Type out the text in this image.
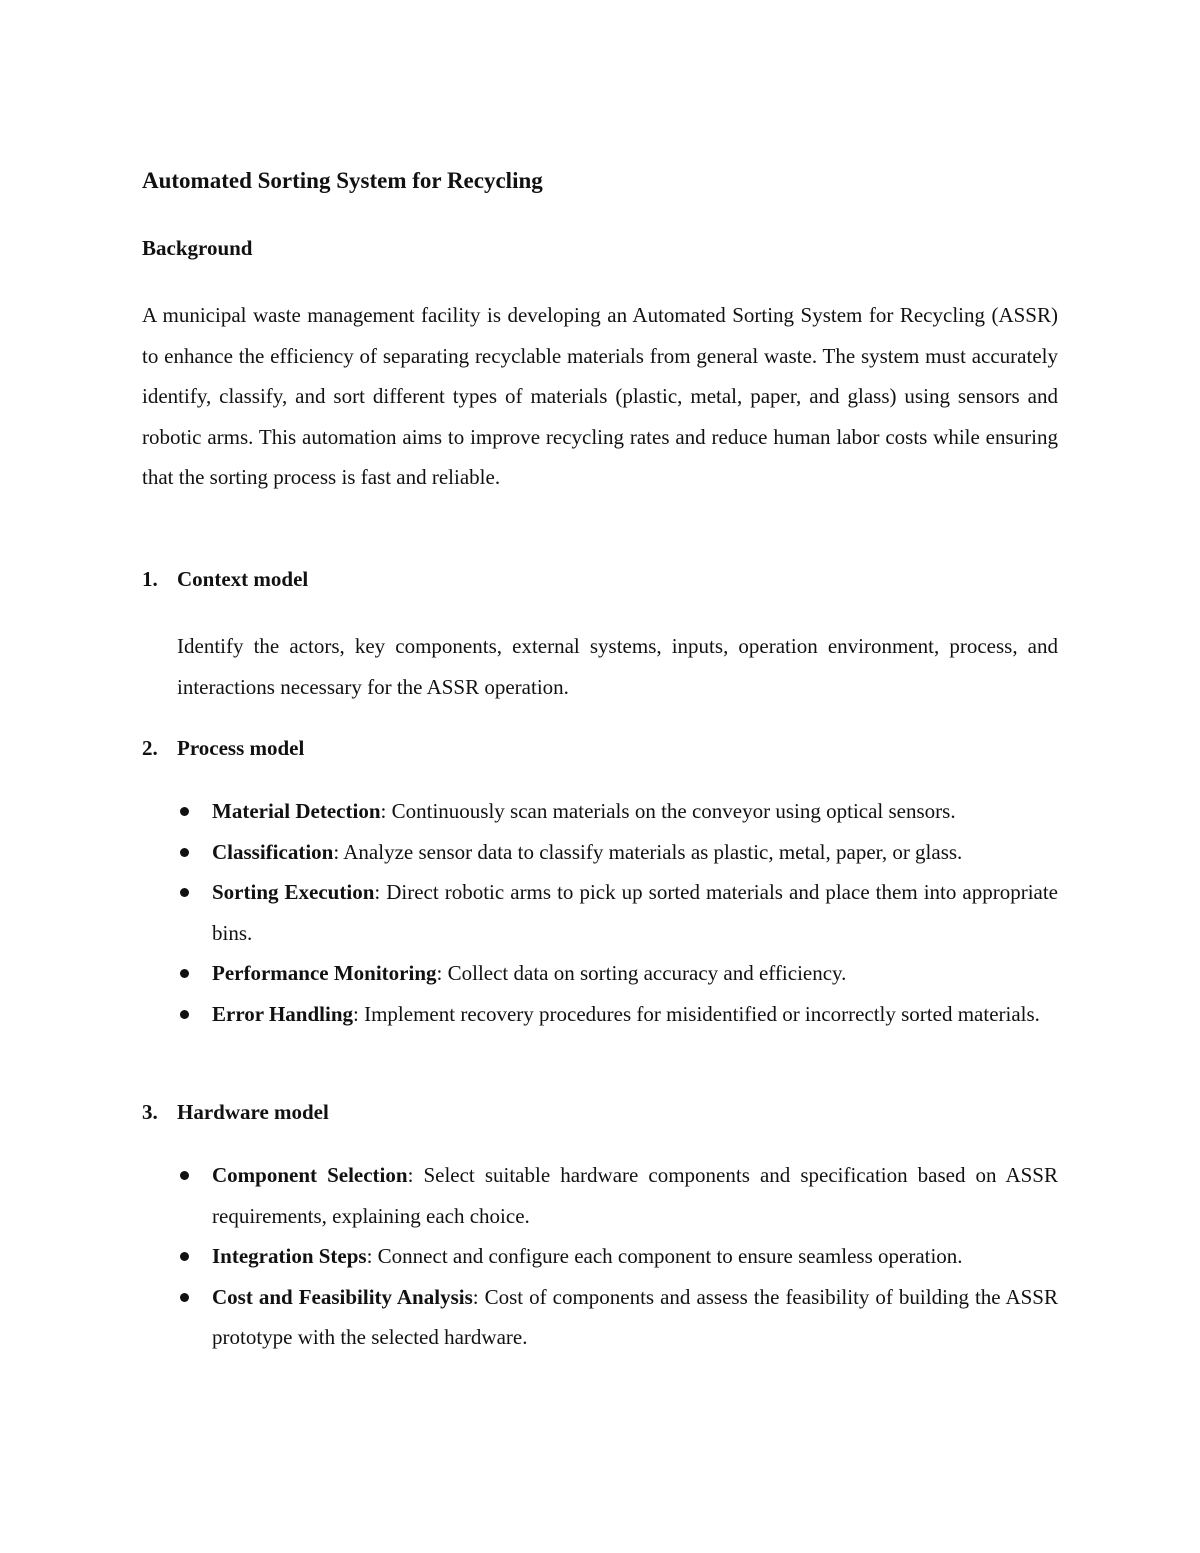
Automated Sorting System for Recycling
Background

A municipal waste management facility is developing an Automated Sorting System for Recycling (ASSR) to enhance the efficiency of separating recyclable materials from general waste. The system must accurately identify, classify, and sort different types of materials (plastic, metal, paper, and glass) using sensors and robotic arms. This automation aims to improve recycling rates and reduce human labor costs while ensuring that the sorting process is fast and reliable.

1. Context model

Identify the actors, key components, external systems, inputs, operation environment, process, and interactions necessary for the ASSR operation.

2. Process model
Material Detection: Continuously scan materials on the conveyor using optical sensors.
Classification: Analyze sensor data to classify materials as plastic, metal, paper, or glass.
Sorting Execution: Direct robotic arms to pick up sorted materials and place them into appropriate bins.
Performance Monitoring: Collect data on sorting accuracy and efficiency.
Error Handling: Implement recovery procedures for misidentified or incorrectly sorted materials.
3. Hardware model
Component Selection: Select suitable hardware components and specification based on ASSR requirements, explaining each choice.
Integration Steps: Connect and configure each component to ensure seamless operation.
Cost and Feasibility Analysis: Cost of components and assess the feasibility of building the ASSR prototype with the selected hardware.
